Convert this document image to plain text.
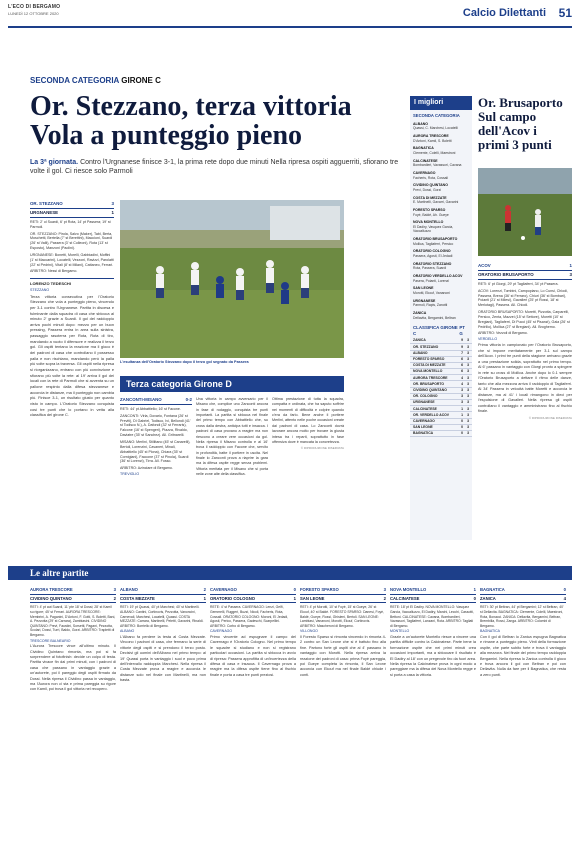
L'ECO DI BERGAMO
LUNEDÌ 12 OTTOBRE 2020	Calcio Dilettanti 51
SECONDA CATEGORIA GIRONE C
Or. Stezzano, terza vittoria
Vola a punteggio pieno
La 3ª giornata. Contro l'Urgnanese finisce 3-1, la prima rete dopo due minuti Nella ripresa ospiti agguerriti, sfiorano tre volte il gol. Ci riesce solo Parmoli
OR. STEZZANO	3
URGNANESE	1
RETI: 2' ol Suardi, 6' pt Rota, 14' pt Passera; 19' st Parmoli.
OR. STEZZANO: Pirola, Salvo (Maker), Tabl, Berta, Moschetti, Bertella (7' st Berettini), Maccioni, Suardi (26' st Valli), Passera (3' st Colleoni), Rota (13' st Esposto), Manzoni (Paolini).
URGNANESE: Bonetti, Morelli, Gabbiadini, Moffini (1' st Maccarini), Locatelli, Vezzoni, Ravizzi, Parolatti (22' st Pedrini), Vitali (8' st Milani), Cattaneo, Ferrari.
ARBITRO: Nessi di Bergamo.
LORENZO TEDESCHI
STEZZANO
Terza vittoria consecutiva per l'Oratorio Stezzano che vola a punteggio pieno, vincendo per 3-1 contro l'Urgnanese. Partita in discesa e fulminante dalla squadra di casa che sblocca al minuto 2' grazie a Suardi. Il gol del raddoppio arriva pochi minuti dopo: mezzo per un buon pressing, Passera entra in area sulla sinistra, passaggio rasoterra per Rota, Rota di tiro, mandando a vuoto il difensore e realizza il terzo gol. Gli ospiti tentano la reazione ma il gioco è dei padroni di casa che controllano il possesso palla e non rischiano, mandando però la palla più volte sopra la traversa. Gli ospiti nella ripresa si riorganizzano, entrano con più convinzione e sfiorano più volte la rete: al 19' arriva il gol dei locali con la rete di Parmoli che si avventa su un pallone respinto dalla difesa stezzanese e accorcia le distanze, ma il punteggio non cambia più. Finisce 3-1, un risultato giusto per quanto visto in campo. L'Oratorio Stezzano conquista così tre punti che lo portano in vetta alla classifica del girone C.
L'esultanza dell'Oratorio Stezzano dopo il terzo gol segnato da Passera
Terza categoria Girone D
ZANCONTI-MISANO	0-2
RETI: 44' pt Abbattiello; 16' st Facone.
ZANCONTI: Virla, Dovario, Fontana (26' st Previti), Di Gabriel, Todisco, Ivi, Bellondi (41' st Todisco N.), A. Dafondi (32' st Ferraris), Falcone (16' st Spengeri), Piazza, Rivaldo, Daviatre (35' st Sanchez). All. Gritnarelli.
MISANO: Merlini, Stillitano (45' st Canarelli), Bertoli, Lorenzini, Cavaneri, Minali, Abbattiello (45' st Plona), Chiara (35' st Cornigiani), Faccone (37' st Pinola), Suardi (36' st Lorenzi), Tirra. All. Fosso.
ARBITRO: Azinciare di Bergamo.
TREVIGLIO
Una vittoria in campo avversario per il Misano che, complice uno Zanconti ancora in fase di rodaggio, conquista tre punti importanti. La partita si sblocca nel finale del primo tempo con Abbattiello che, su cross dalla destra, anticipa tutti e insacca. I padroni di casa provano a reagire ma non riescono a creare vere occasioni da gol. Nella ripresa il Misano controlla e al 16' trova il raddoppio con Facone che, servito in profondità, batte il portiere in uscita. Nel finale lo Zanconti prova a riaprire la gara ma la difesa ospite regge senza problemi. Vittoria meritata per il Misano che si porta nelle zone alte della classifica.
Ottima prestazione di tutta la squadra, compatta e ordinata, che ha saputo soffrire nei momenti di difficoltà e colpire quando c'era da farlo. Bene anche il portiere Merlini, attento nelle poche occasioni create dai padroni di casa. Lo Zanconti dovrà lavorare ancora molto per trovare la giusta intesa tra i reparti, soprattutto in fase offensiva dove è mancata la concretezza.
© RIPRODUZIONE RISERVATA
I migliori
SECONDA CATEGORIA
ALBANO
Quassi, C. Marchesi, Locatelli
AURORA TRESCORE
D'Antoni, Kamil, S. Boletti
BAGNATICA
Clemente, Colelli, Maestroni
CALCINATESE
Bombardieri, Vavassori, Cavana
CAVERNAGO
Facheris, Rota, Cossali
CIVIDINO QUINTANO
Previ, Dossi, Gorzi
COSTA DI MEZZATE
E. Martinelli, Gavarri, Gavarini
FORESTO SPARSO
Foyè, Baldé, Ah. Gueye
NOVA MONTELLO
El Dadiry, Vasquez Garcia, Vaccalluzzo
ORATORIO BRUSAPORTO
Mollica, Tagliaferri, Persico
ORATORIO COLOGNO
Passera, Agosti, El Jedadi
ORATORIO STEZZANO
Rota, Passera, Suardi
ORATORIO VERDELLO ACOV
Pasera, Poianti, Lorenzi
SAN LEONE
Morotti, Ekouf, Vananoni
URGNANESE
Parmoli, Rapis, Zanotti
ZANICA
Dellavita, Bergamini, Beltran
CLASSIFICA GIRONE C
PT G
ZANICA	9 3
OR. STEZZANO	9 3
ALBANO	7 3
FORESTO SPARSO	6 3
COSTA DI MEZZATE	6 3
NOVA MONTELLO	6 3
AURORA TRESCORE	4 3
OR. BRUSAPORTO	4 3
CIVIDINO QUINTANO	3 3
OR. COLOGNO	3 3
URGNANESE	3 3
CALCINATESE	1 3
OR. VERDELLO ACOV	1 3
CAVERNAGO	0 3
SAN LEONE	0 3
BAGNATICA	0 3
Or. Brusaporto Sul campo dell'Acov i primi 3 punti
ACOV	1
ORATORIO BRUSAPORTO	3
RETI: 6' pt Giorgi, 29' pt Tagliaferri, 34' pt Passera.
ACOV: Lorenzi, Tombini, Campopiano, Lo Cunsi, Chiodi, Passera, Brena (36' st Ferraro), Chiuri (36' st Bombari), Poianti (21' st Milesi), Gavalleri (25' pt Rossi, 18' st Merlotagi), Passera. All. Chiodi.
ORATORIO BRUSAPORTO: Moretti, Pizzotta, Carparelli, Persico, Zenta, Mazzei (15' st Settore), Moretti (10' st Bregiani), Tagliaferri, Di Pucci (45' st Pisanzi), Gaia (26' st Pedrilio), Mollica (27' st Bregiani). All. Broghemo.
ARBITRO: Vezzoli di Bergamo.
VERDELLO
Prima vittoria in campionato per l'Oratorio Brusaporto, che si impone meritatamente per 3-1 sul campo dell'Acov. I primi tre punti della stagione arrivano grazie a una prestazione solida, soprattutto nel primo tempo. Al 6' passano in vantaggio con Giorgi pronto a spingere in rete su cross di Mollica. Anche dopo lo 0-1 sempre l'Oratorio Brusaporto a dettare il ritmo delle danze, tanto che alla mezzora arriva il raddoppio di Tagliaferri. Al 34' Passera in velocità batte Moretti e accorcia le distanze, ma al 41' i locali rimangono in dieci per l'espulsione di Gavalleri. Nella ripresa gli ospiti controllano il vantaggio e amministrano fino al fischio finale.
© RIPRODUZIONE RISERVATA
Le altre partite
AURORA TRESCORE	3
CIVIDINO QUINTANO	2
RETI: 4' pt aut Suardi, 11' pte 18' st Dossi; 28' st Kamil su rigore; 45' st Ferrari. AURORA TRESCORE: Membrini, A. Paganini, D'Antoni, F. Gotti, S. Boletti, Bani, A. Pezzotta (29' st Carrara), Zambiasini. CIVIDINO QUINTANO: Previ, Faustini, Sorsetti, Pagani, Pezzotta, Scolari, Dossi, Turri, Baldo, Gorzi. ARBITRO: Trapletti di Bergamo.
TRESCORE BALNEARIO
L'Aurora Trescore vince all'ultimo minuto. Il Cividino Quintano rimonta, ma poi si fa sorprendere al fotofinish: decide un colpo di testa. Partita vivace fin dai primi minuti, con i padroni di casa che passano in vantaggio grazie a un'autorete, poi il pareggio degli ospiti firmato da Dossi. Nella ripresa il Cividino passa in vantaggio, ma l'Aurora non ci sta e prima pareggia su rigore con Kamil, poi trova il gol vittoria nel recupero.
ALBANO	2
COSTA MEZZATE	1
RETI: 19' pt Quassi, 40' pt Marchesi; 40' st Martinelli. ALBANO: Cantini, Cortinovis, Pezzotta, Vanoncini, Carnevali, Marchesi, Locatelli, Quassi. COSTA MEZZATE: Carrara, Martinelli, Peletti, Gavarini, Rinaldi. ARBITRO: Borriello di Bergamo.
ALBANO
L'Albano fa perdere la testa al Costa Mezzate. Vincono i padroni di casa, che fermano la serie di vittorie degli ospiti e si prendono il terzo posto. Decisivi gli uomini dell'Albano nel primo tempo: al 19' Quassi porta in vantaggio i suoi e poco prima dell'intervallo raddoppia Marchesi. Nella ripresa il Costa Mezzate prova a reagire e accorcia le distanze solo nel finale con Martinelli, ma non basta.
CAVERNAGO	0
ORATORIO COLOGNO	1
RETE: 4' st Passera. CAVERNAGO: Lenzi, Gelfi, Gemmelli, Ruggeri, Buzzi, Nicoli, Facheris, Rota, Cossali. ORATORIO COLOGNO: Moroni, El Jedadi, Agosti, Perico, Passera, Gadeschi, Scarpellini. ARBITRO: Corbo di Bergamo.
CAVERNAGO
Primo vincente ad espugnare il campo del Cavernago è l'Oratorio Cologno. Nel primo tempo le squadre si studiano e non si registrano particolari occasioni. La partita si sblocca in avvio di ripresa: Passera approfitta di un'incertezza della difesa di casa e insacca. Il Cavernago prova a reagire ma la difesa ospite tiene fino al fischio finale e porta a casa tre punti preziosi.
FORESTO SPARSO	3
SAN LEONE	2
RETI: 4' pt Morotti, 10' st Foyè, 15' st Gueye, 26' st Ekouf, 40' st Baldé. FORESTO SPARSO: Danesi, Foyè, Baldé, Gueye, Rossi, Ghisleni, Bertoli. SAN LEONE: Lambiasi, Vananoni, Morotti, Ekouf, Cortinovis. ARBITRO: Mascheroni di Bergamo.
VILLONGO
Il Foresto Sparso si rimonta vincendo in rimonta 4-2 contro un San Leone che si è battuto fino alla fine. Partono forte gli ospiti che al 4' passano in vantaggio con Morotti. Nella ripresa arriva la reazione dei padroni di casa: prima Foyè pareggia, poi Gueye completa la rimonta, il San Leone accorcia con Ekouf ma nel finale Baldé chiude i conti.
NOVA MONTELLO	1
CALCINATESE	0
RETE: 18' pt El Dadiry. NOVA MONTELLO: Vasquez Garcia, Vaccalluzzo, El Dadiry, Marchi, Lecchi, Cassotti, Bettoni. CALCINATESE: Cavana, Bombardieri, Vavassori, Tagliaferri, Lanzani, Rota. ARBITRO: Tagliati di Bergamo.
MONTELLO
Grazie a un'autorete Montello riesce a vincere una partita difficile contro la Calcinatese. Parte bene la formazione ospite che nei primi minuti crea occasioni importanti, ma a sbloccare il risultato è El Dadiry al 18' con un pregevole tiro da fuori area. Nella ripresa la Calcinatese prova in ogni modo a pareggiare ma la difesa del Nova Montello regge e si porta a casa la vittoria.
BAGNATICA	0
ZANICA	4
RETI: 30' pt Beltran, 44' pt Bergamini; 12' st Beltran, 40' st Dellavita. BAGNATICA: Clemente, Colelli, Maestroni, Rota, Bonacci. ZANICA: Dellavita, Bergamini, Beltran, Brembilla, Rossi, Zanga. ARBITRO: Colombi di Bergamo.
BAGNATICA
Con il gol di Beltran lo Zanica espugna Bagnatica e rimane a punteggio pieno. Vinti della formazione ospite, che parte subito forte e trova il vantaggio alla mezzora. Nel finale del primo tempo raddoppia Bergamini. Nella ripresa lo Zanica controlla il gioco e trova ancora il gol con Beltran e poi con Dellavita. Nulla da fare per il Bagnatica, che resta a zero punti.
